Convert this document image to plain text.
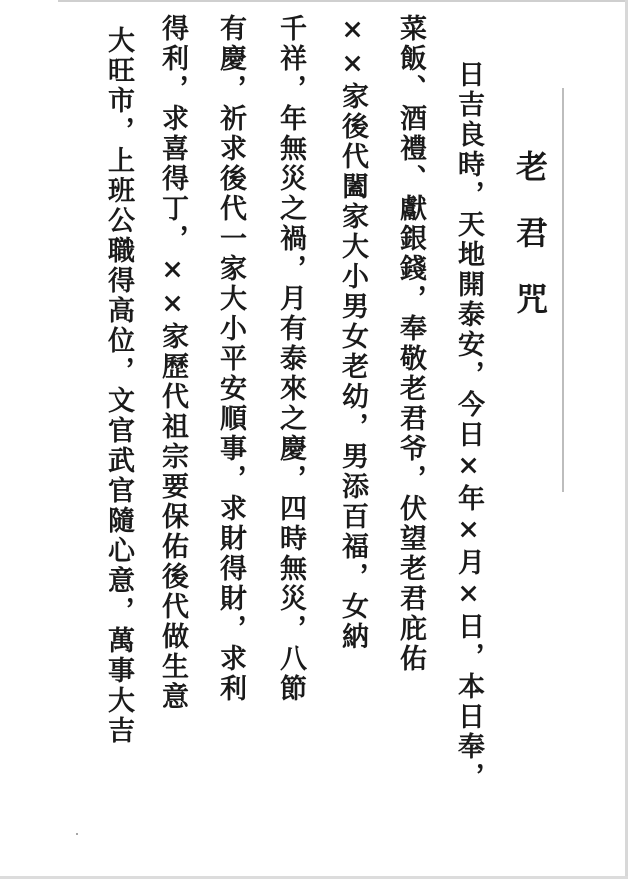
老君咒
日吉良時，天地開泰安，今日×年×月×日，本日奉，
菜飯、酒禮、獻銀錢，奉敬老君爷，伏望老君庇佑
××家後代闔家大小男女老幼，男添百福，女納
千祥，年無災之禍，月有泰來之慶，四時無災，八節
有慶，祈求後代一家大小平安順事，求財得財，求利
得利，求喜得丁，××家歷代祖宗要保佑後代做生意
大旺市，上班公職得高位，文官武官隨心意，萬事大吉
